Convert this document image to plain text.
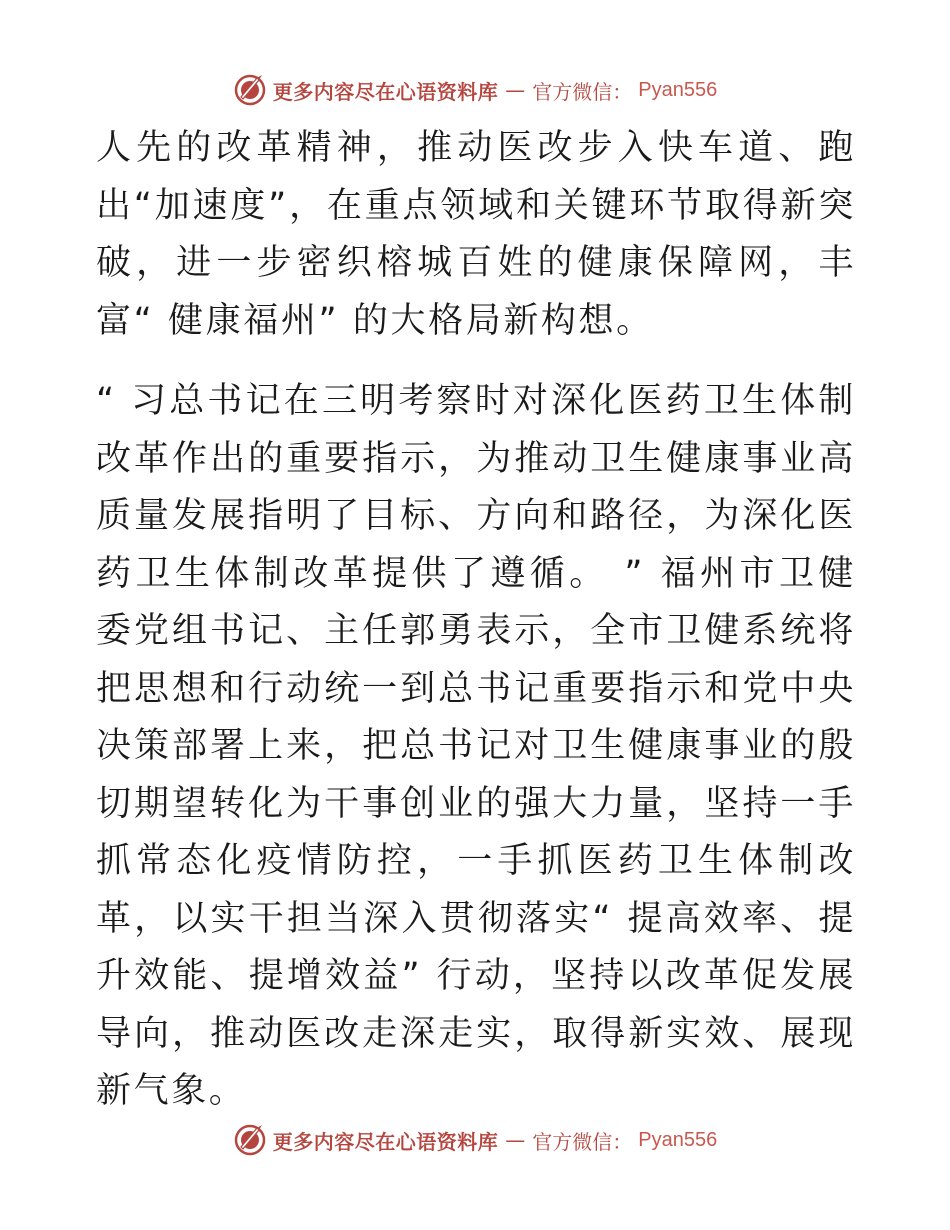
更多内容尽在心语资料库 — 官方微信： Pyan556

人先的改革精神，推动医改步入快车道、跑出“加速度”，在重点领域和关键环节取得新突破，进一步密织榕城百姓的健康保障网，丰富“ 健康福州” 的大格局新构想。

“ 习总书记在三明考察时对深化医药卫生体制改革作出的重要指示，为推动卫生健康事业高质量发展指明了目标、方向和路径，为深化医药卫生体制改革提供了遵循。 ” 福州市卫健委党组书记、主任郭勇表示，全市卫健系统将把思想和行动统一到总书记重要指示和党中央决策部署上来，把总书记对卫生健康事业的殷切期望转化为干事创业的强大力量，坚持一手抓常态化疫情防控，一手抓医药卫生体制改革，以实干担当深入贯彻落实“ 提高效率、提升效能、提增效益” 行动，坚持以改革促发展导向，推动医改走深走实，取得新实效、展现新气象。

更多内容尽在心语资料库 — 官方微信： Pyan556
